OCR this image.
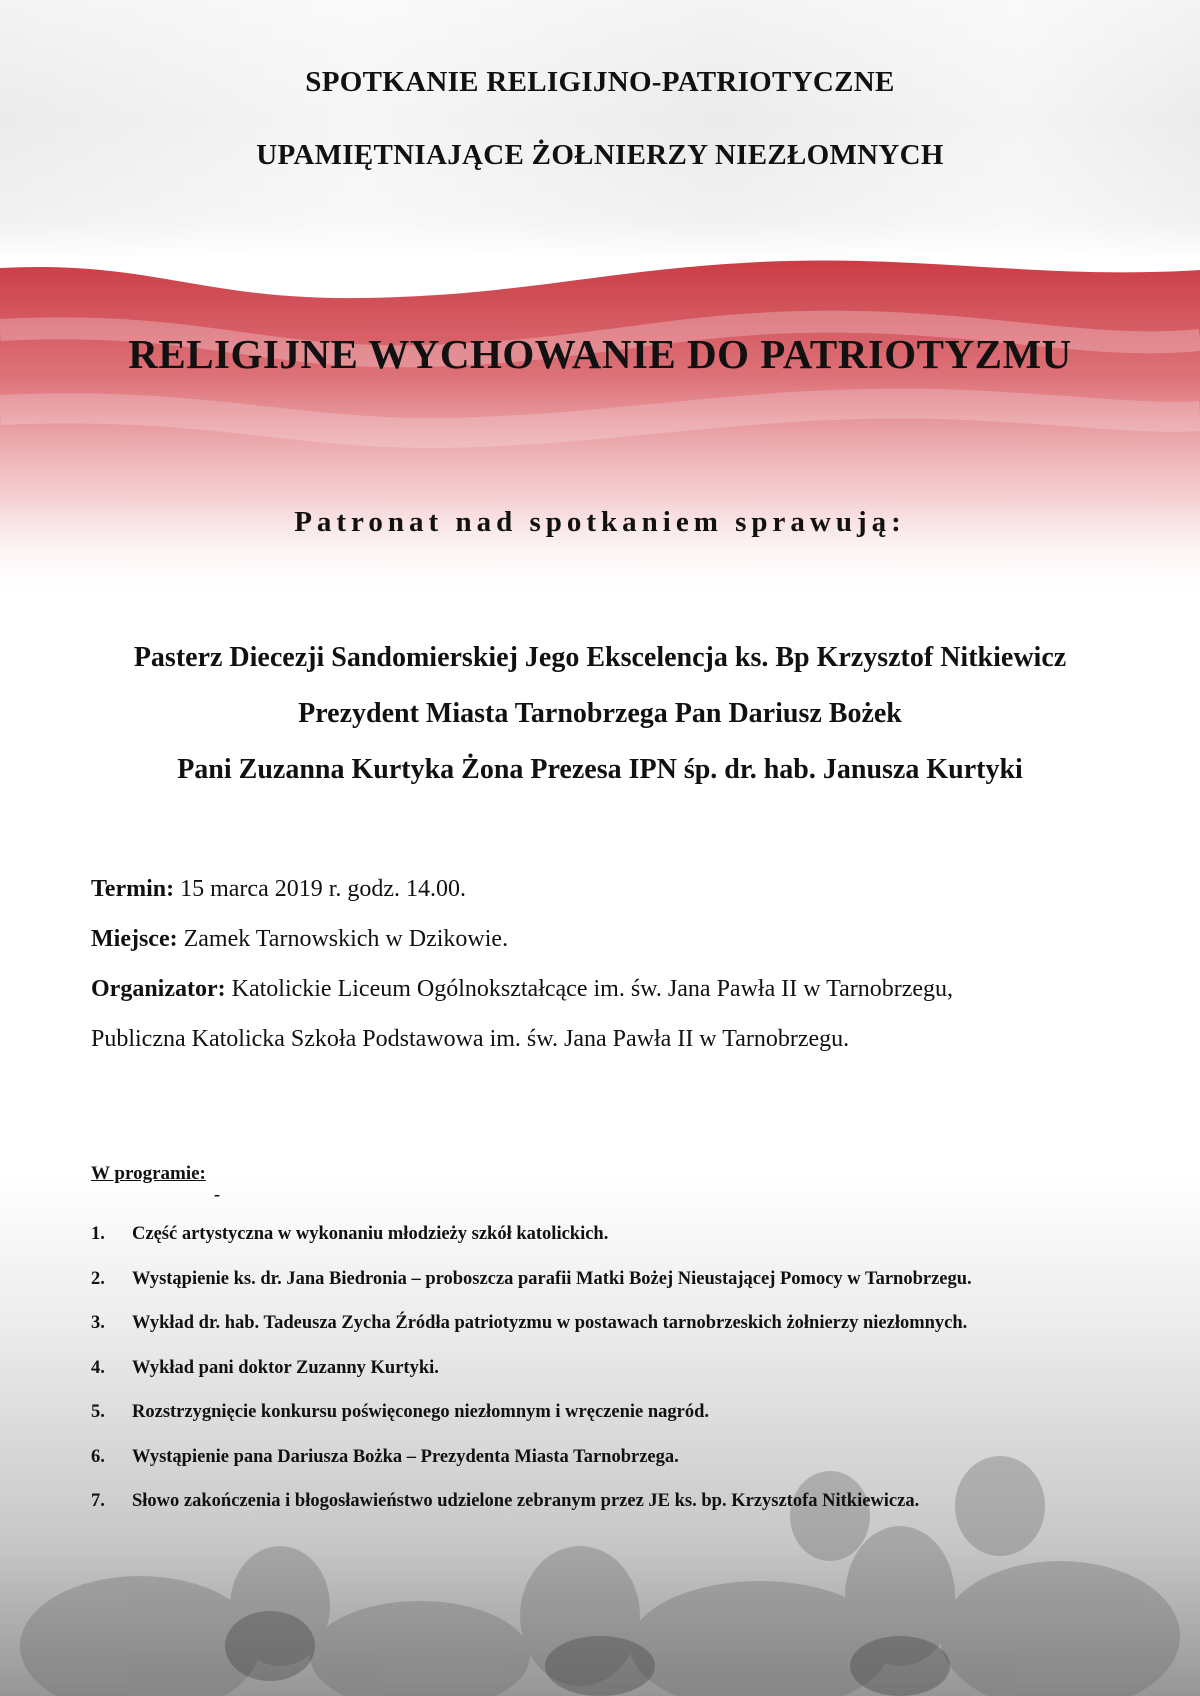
SPOTKANIE RELIGIJNO-PATRIOTYCZNE
UPAMIĘTNIAJĄCE ŻOŁNIERZY NIEZŁOMNYCH
RELIGIJNE WYCHOWANIE DO PATRIOTYZMU
Patronat nad spotkaniem sprawują:
Pasterz Diecezji Sandomierskiej Jego Ekscelencja ks. Bp Krzysztof Nitkiewicz
Prezydent Miasta Tarnobrzega Pan Dariusz Bożek
Pani Zuzanna Kurtyka Żona Prezesa IPN śp. dr. hab. Janusza Kurtyki
Termin: 15 marca 2019 r. godz. 14.00.
Miejsce: Zamek Tarnowskich w Dzikowie.
Organizator: Katolickie Liceum Ogólnokształcące im. św. Jana Pawła II w Tarnobrzegu,
Publiczna Katolicka Szkoła Podstawowa im. św. Jana Pawła II w Tarnobrzegu.
W programie:
-
1. Część artystyczna w wykonaniu młodzieży szkół katolickich.
2. Wystąpienie ks. dr. Jana Biedronia – proboszcza parafii Matki Bożej Nieustającej Pomocy w Tarnobrzegu.
3. Wykład dr. hab. Tadeusza Zycha Źródła patriotyzmu w postawach tarnobrzeskich żołnierzy niezłomnych.
4. Wykład pani doktor Zuzanny Kurtyki.
5. Rozstrzygnięcie konkursu poświęconego niezłomnym i wręczenie nagród.
6. Wystąpienie pana Dariusza Bożka – Prezydenta Miasta Tarnobrzega.
7. Słowo zakończenia i błogosławieństwo udzielone zebranym przez JE ks. bp. Krzysztofa Nitkiewicza.
